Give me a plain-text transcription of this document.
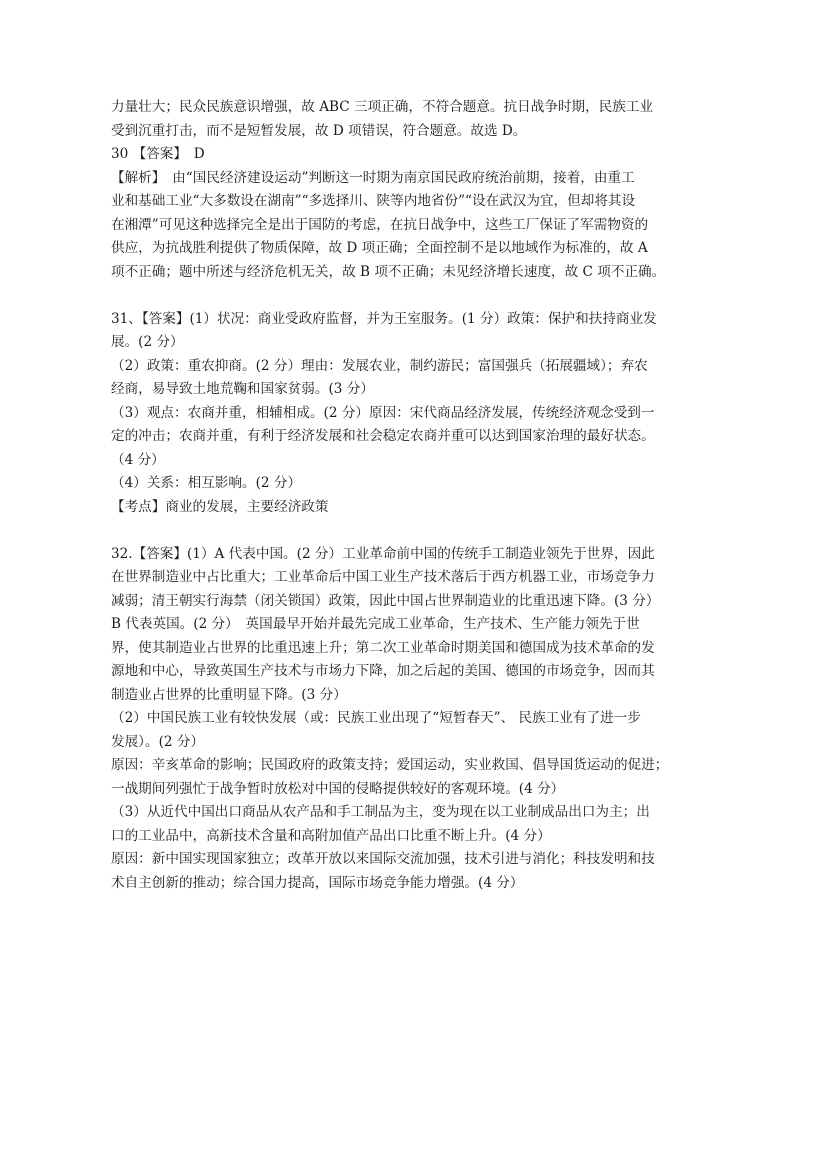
力量壮大；民众民族意识增强，故 ABC 三项正确，不符合题意。抗日战争时期，民族工业
受到沉重打击，而不是短暂发展，故 D 项错误，符合题意。故选 D。
30 【答案】　D
【解析】　由“国民经济建设运动”判断这一时期为南京国民政府统治前期，接着，由重工
业和基础工业“大多数设在湖南”“多选择川、陕等内地省份”“设在武汉为宜，但却将其设
在湘潭”可见这种选择完全是出于国防的考虑，在抗日战争中，这些工厂保证了军需物资的
供应，为抗战胜利提供了物质保障，故 D 项正确；全面控制不是以地域作为标准的，故 A
项不正确；题中所述与经济危机无关，故 B 项不正确；未见经济增长速度，故 C 项不正确。
31、【答案】(1）状况：商业受政府监督，并为王室服务。(1 分）政策：保护和扶持商业发
展。(2 分）
（2）政策：重农抑商。(2 分）理由：发展农业，制约游民；富国强兵（拓展疆域）；弃农
经商，易导致土地荒鞠和国家贫弱。(3 分）
（3）观点：农商并重，相辅相成。(2 分）原因：宋代商品经济发展，传统经济观念受到一
定的冲击；农商并重，有利于经济发展和社会稳定农商并重可以达到国家治理的最好状态。
（4 分）
（4）关系：相互影响。(2 分）
【考点】商业的发展，主要经济政策
32.【答案】(1）A 代表中国。(2 分）工业革命前中国的传统手工制造业领先于世界，因此
在世界制造业中占比重大；工业革命后中国工业生产技术落后于西方机器工业，市场竞争力
减弱；清王朝实行海禁（闭关锁国）政策，因此中国占世界制造业的比重迅速下降。(3 分）
B 代表英国。(2 分）　英国最早开始并最先完成工业革命，生产技术、生产能力领先于世
界，使其制造业占世界的比重迅速上升；第二次工业革命时期美国和德国成为技术革命的发
源地和中心，导致英国生产技术与市场力下降，加之后起的美国、德国的市场竞争，因而其
制造业占世界的比重明显下降。(3 分）
（2）中国民族工业有较快发展（或：民族工业出现了“短暂春天”、 民族工业有了进一步
发展）。(2 分）
原因：辛亥革命的影响；民国政府的政策支持；爱国运动，实业救国、倡导国货运动的促进；
一战期间列强忙于战争暂时放松对中国的侵略提供较好的客观环境。(4 分）
（3）从近代中国出口商品从农产品和手工制品为主，变为现在以工业制成品出口为主；出
口的工业品中，高新技术含量和高附加值产品出口比重不断上升。(4 分）
原因：新中国实现国家独立；改革开放以来国际交流加强，技术引进与消化；科技发明和技
术自主创新的推动；综合国力提高，国际市场竞争能力增强。(4 分）
